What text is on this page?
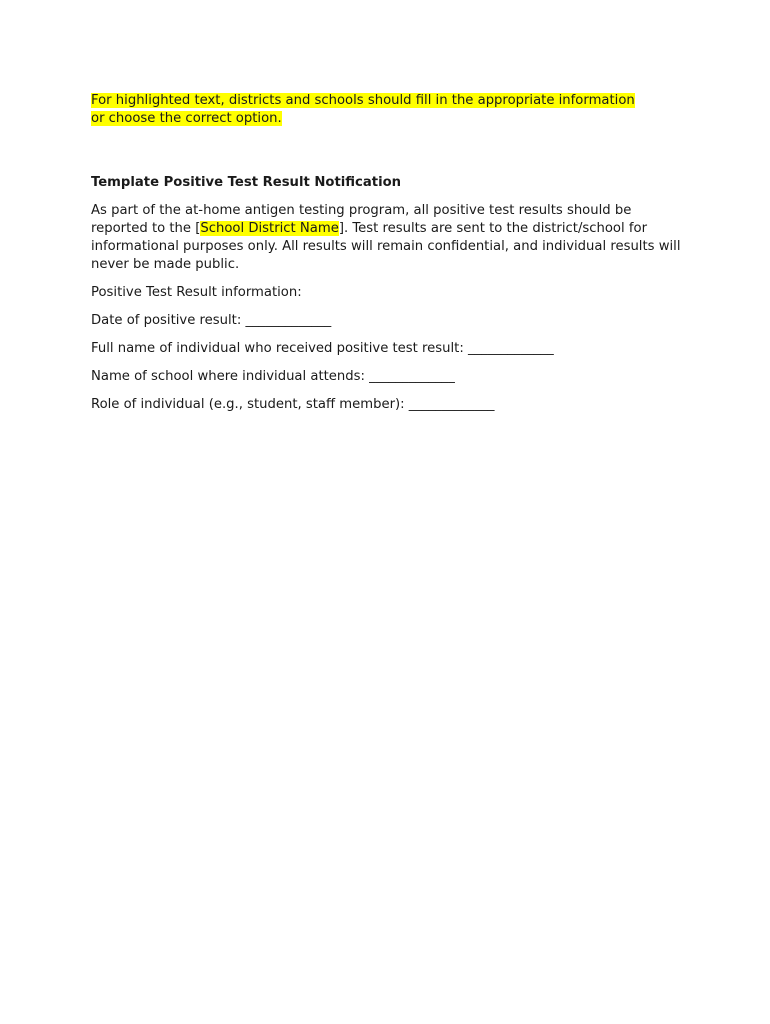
For highlighted text, districts and schools should fill in the appropriate information
or choose the correct option.

Template Positive Test Result Notification

As part of the at-home antigen testing program, all positive test results should be reported to the [School District Name]. Test results are sent to the district/school for informational purposes only. All results will remain confidential, and individual results will never be made public.

Positive Test Result information:

Date of positive result: _____________

Full name of individual who received positive test result: _____________

Name of school where individual attends: _____________

Role of individual (e.g., student, staff member): _____________
